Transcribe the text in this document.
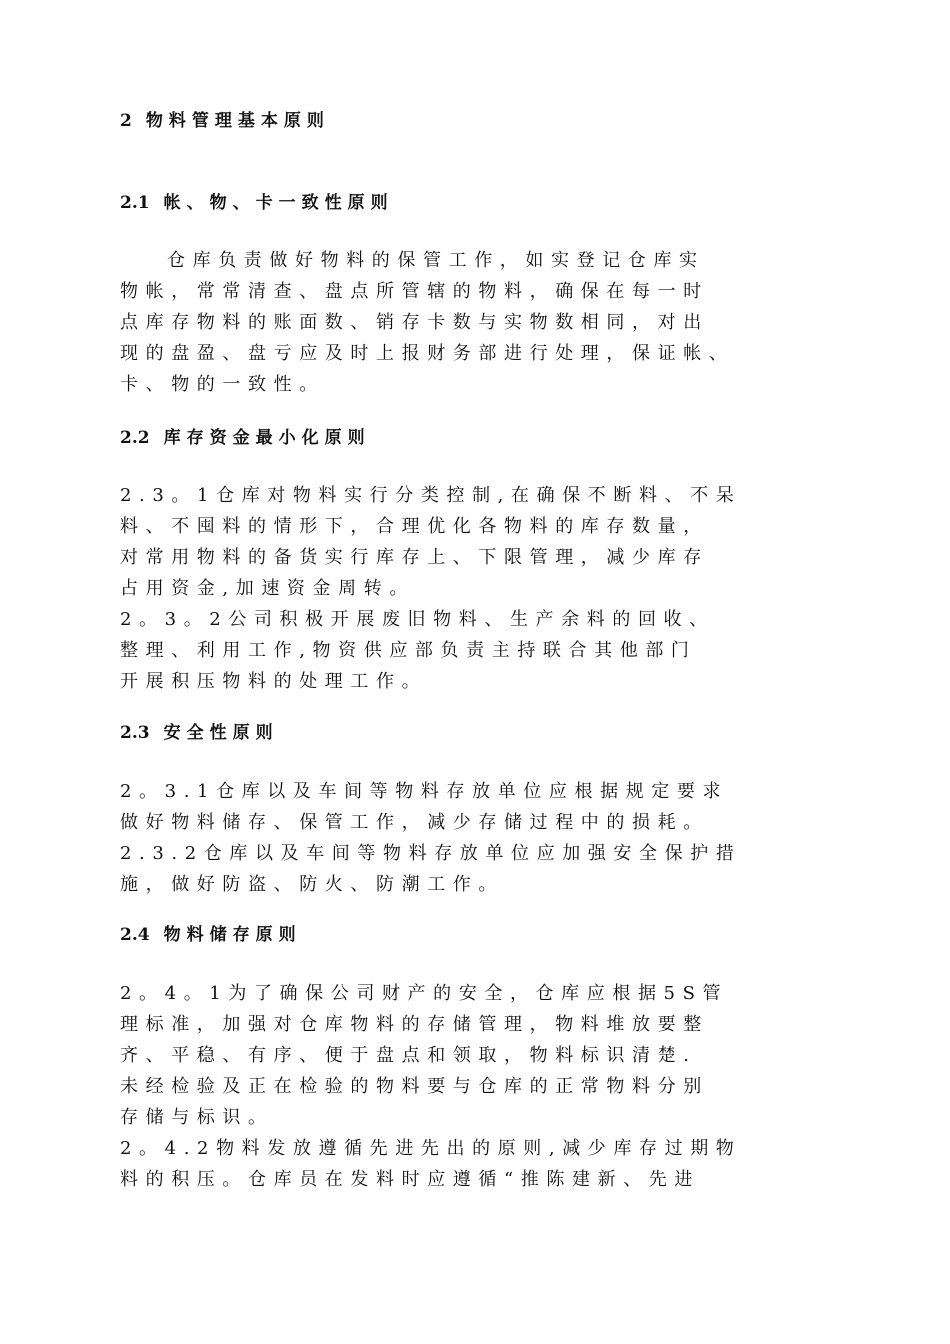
2 物料管理基本原则
2.1 帐、物、卡一致性原则
仓库负责做好物料的保管工作，如实登记仓库实
物帐，常常清查、盘点所管辖的物料，确保在每一时
点库存物料的账面数、销存卡数与实物数相同，对出
现的盘盈、盘亏应及时上报财务部进行处理，保证帐、
卡、物的一致性。
2.2 库存资金最小化原则
2.3。1仓库对物料实行分类控制,在确保不断料、不呆
料、不囤料的情形下，合理优化各物料的库存数量，
对常用物料的备货实行库存上、下限管理，减少库存
占用资金,加速资金周转。
2。3。2公司积极开展废旧物料、生产余料的回收、
整理、利用工作,物资供应部负责主持联合其他部门
开展积压物料的处理工作。
2.3 安全性原则
2。3.1仓库以及车间等物料存放单位应根据规定要求
做好物料储存、保管工作，减少存储过程中的损耗。
2.3.2仓库以及车间等物料存放单位应加强安全保护措
施，做好防盗、防火、防潮工作。
2.4 物料储存原则
2。4。1为了确保公司财产的安全，仓库应根据5S管
理标准，加强对仓库物料的存储管理，物料堆放要整
齐、平稳、有序、便于盘点和领取，物料标识清楚.
未经检验及正在检验的物料要与仓库的正常物料分别
存储与标识。
2。4.2物料发放遵循先进先出的原则,减少库存过期物
料的积压。仓库员在发料时应遵循“推陈建新、先进
